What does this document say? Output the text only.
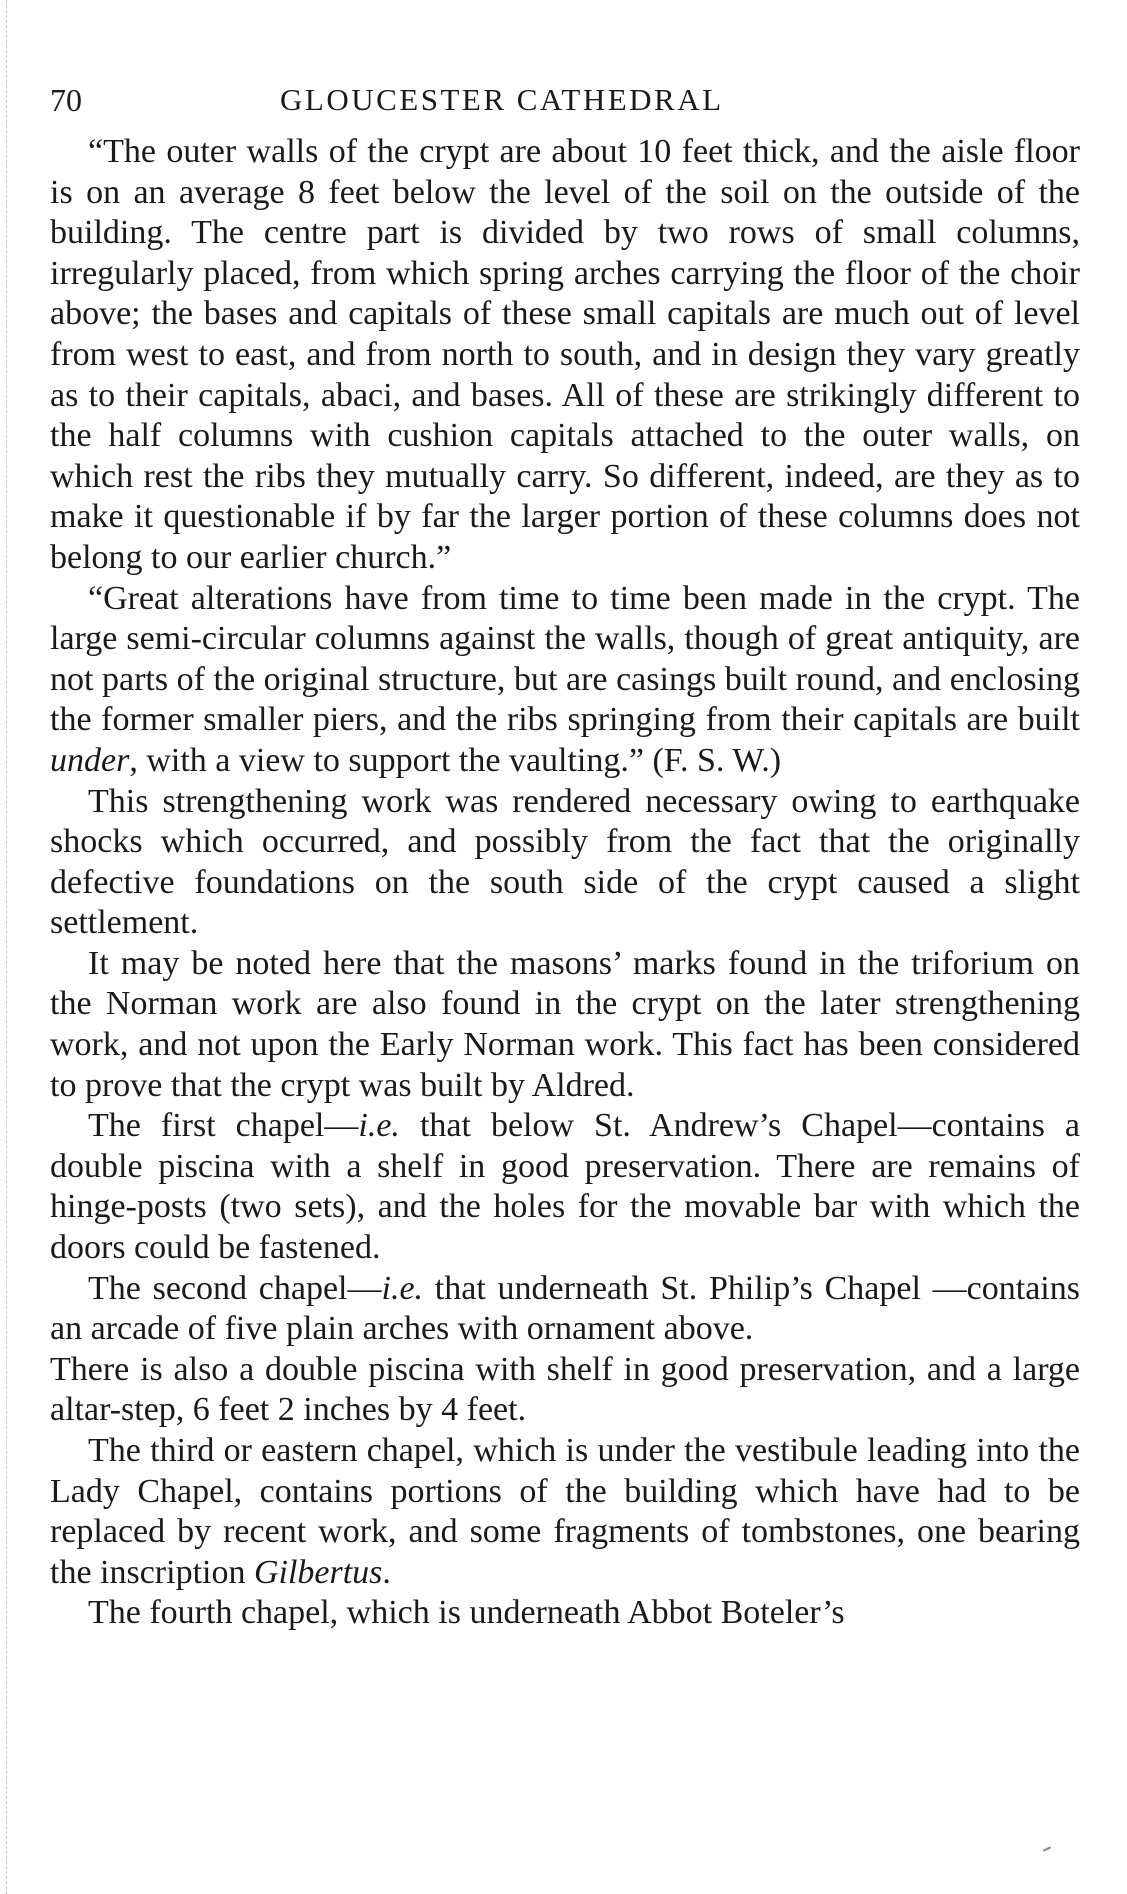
70	GLOUCESTER CATHEDRAL

“The outer walls of the crypt are about 10 feet thick, and the aisle floor is on an average 8 feet below the level of the soil on the outside of the building. The centre part is divided by two rows of small columns, irregularly placed, from which spring arches carrying the floor of the choir above; the bases and capitals of these small capitals are much out of level from west to east, and from north to south, and in design they vary greatly as to their capitals, abaci, and bases. All of these are strikingly different to the half columns with cushion capitals attached to the outer walls, on which rest the ribs they mutually carry. So different, indeed, are they as to make it questionable if by far the larger portion of these columns does not belong to our earlier church.”

“Great alterations have from time to time been made in the crypt. The large semi-circular columns against the walls, though of great antiquity, are not parts of the original structure, but are casings built round, and enclosing the former smaller piers, and the ribs springing from their capitals are built under, with a view to support the vaulting.” (F. S. W.)

This strengthening work was rendered necessary owing to earthquake shocks which occurred, and possibly from the fact that the originally defective foundations on the south side of the crypt caused a slight settlement.

It may be noted here that the masons’ marks found in the triforium on the Norman work are also found in the crypt on the later strengthening work, and not upon the Early Norman work. This fact has been considered to prove that the crypt was built by Aldred.

The first chapel—i.e. that below St. Andrew’s Chapel—contains a double piscina with a shelf in good preservation. There are remains of hinge-posts (two sets), and the holes for the movable bar with which the doors could be fastened.

The second chapel—i.e. that underneath St. Philip’s Chapel —contains an arcade of five plain arches with ornament above.

There is also a double piscina with shelf in good preservation, and a large altar-step, 6 feet 2 inches by 4 feet.

The third or eastern chapel, which is under the vestibule leading into the Lady Chapel, contains portions of the building which have had to be replaced by recent work, and some fragments of tombstones, one bearing the inscription Gilbertus.

The fourth chapel, which is underneath Abbot Boteler’s
